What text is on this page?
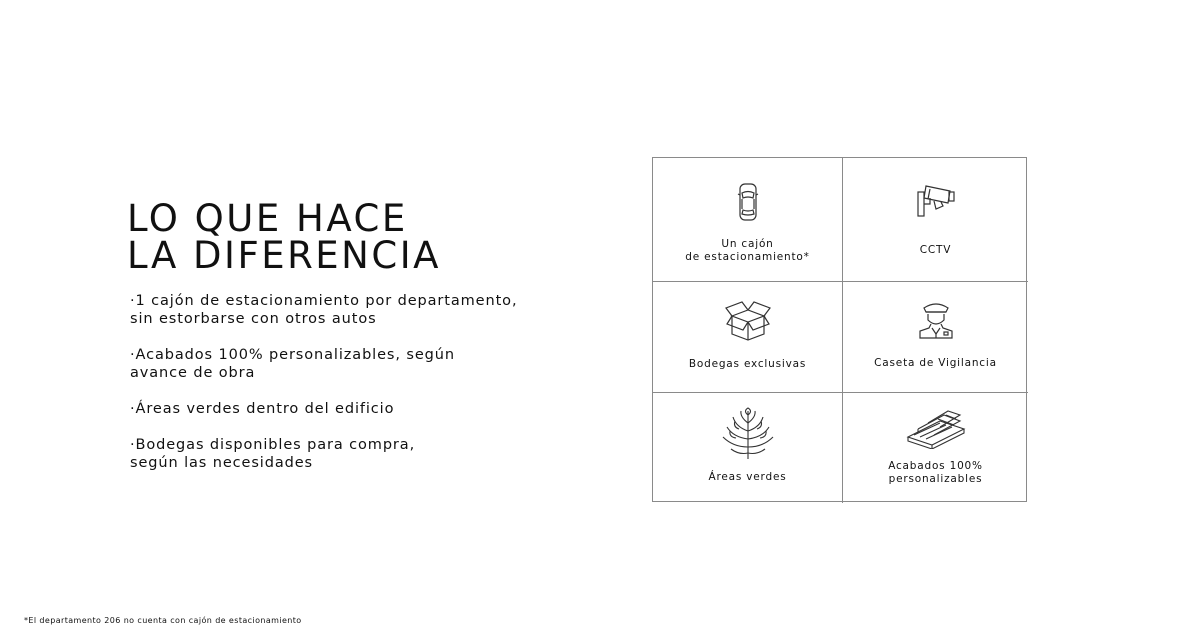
LO QUE HACE
LA DIFERENCIA
·1 cajón de estacionamiento por departamento,
sin estorbarse con otros autos
·Acabados 100% personalizables, según
avance de obra
·Áreas verdes dentro del edificio
·Bodegas disponibles para compra,
según las necesidades
Un cajón
de estacionamiento*
CCTV
Bodegas exclusivas	Caseta de Vigilancia
Áreas verdes
Acabados 100%
personalizables
*El departamento 206 no cuenta con cajón de estacionamiento
